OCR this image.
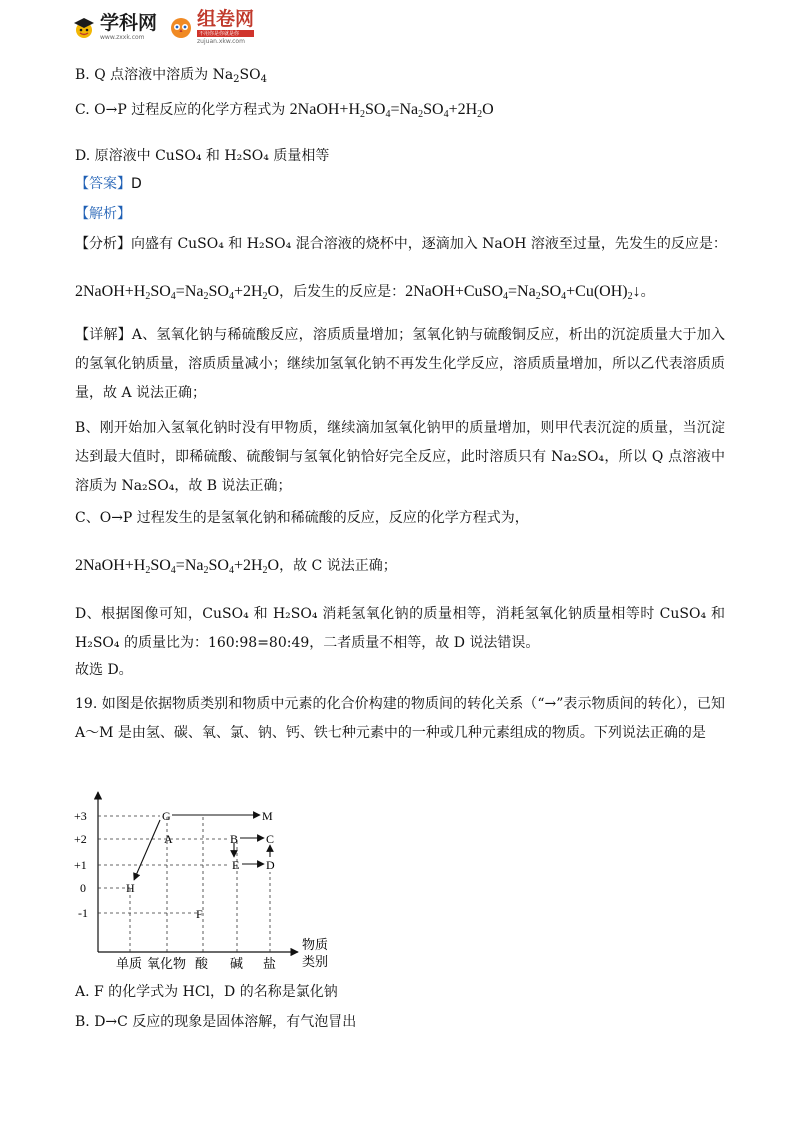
学科网
www.zxxk.com
组卷网
不用你是你就是你
zujuan.xkw.com
B. Q 点溶液中溶质为 $Na_2SO_4$
C. O→P 过程反应的化学方程式为 $2NaOH+H_2SO_4=Na_2SO_4+2H_2O$
D. 原溶液中 CuSO₄ 和 H₂SO₄ 质量相等
【答案】D
【解析】
【分析】向盛有 CuSO₄ 和 H₂SO₄ 混合溶液的烧杯中，逐滴加入 NaOH 溶液至过量，先发生的反应是：
$2NaOH+H_2SO_4=Na_2SO_4+2H_2O$，后发生的反应是：$2NaOH+CuSO_4=Na_2SO_4+Cu(OH)_2↓$。
【详解】A、氢氧化钠与稀硫酸反应，溶质质量增加；氢氧化钠与硫酸铜反应，析出的沉淀质量大于加入的氢氧化钠质量，溶质质量减小；继续加氢氧化钠不再发生化学反应，溶质质量增加，所以乙代表溶质质量，故 A 说法正确；
B、刚开始加入氢氧化钠时没有甲物质，继续滴加氢氧化钠甲的质量增加，则甲代表沉淀的质量，当沉淀达到最大值时，即稀硫酸、硫酸铜与氢氧化钠恰好完全反应，此时溶质只有 Na₂SO₄，所以 Q 点溶液中溶质为 Na₂SO₄，故 B 说法正确；
C、O→P 过程发生的是氢氧化钠和稀硫酸的反应，反应的化学方程式为，
$2NaOH+H_2SO_4=Na_2SO_4+2H_2O$，故 C 说法正确；
D、根据图像可知，CuSO₄ 和 H₂SO₄ 消耗氢氧化钠的质量相等，消耗氢氧化钠质量相等时 CuSO₄ 和 H₂SO₄ 的质量比为：160:98=80:49，二者质量不相等，故 D 说法错误。
故选 D。
19. 如图是依据物质类别和物质中元素的化合价构建的物质间的转化关系（“→”表示物质间的转化），已知 A～M 是由氢、碳、氧、氯、钠、钙、铁七种元素中的一种或几种元素组成的物质。下列说法正确的是
+3
+2
+1
0
-1
G	M
A	B C
E D
H
F
单质 氧化物 酸 碱 盐
物质
类别
A. F 的化学式为 HCl，D 的名称是氯化钠
B. D→C 反应的现象是固体溶解，有气泡冒出
